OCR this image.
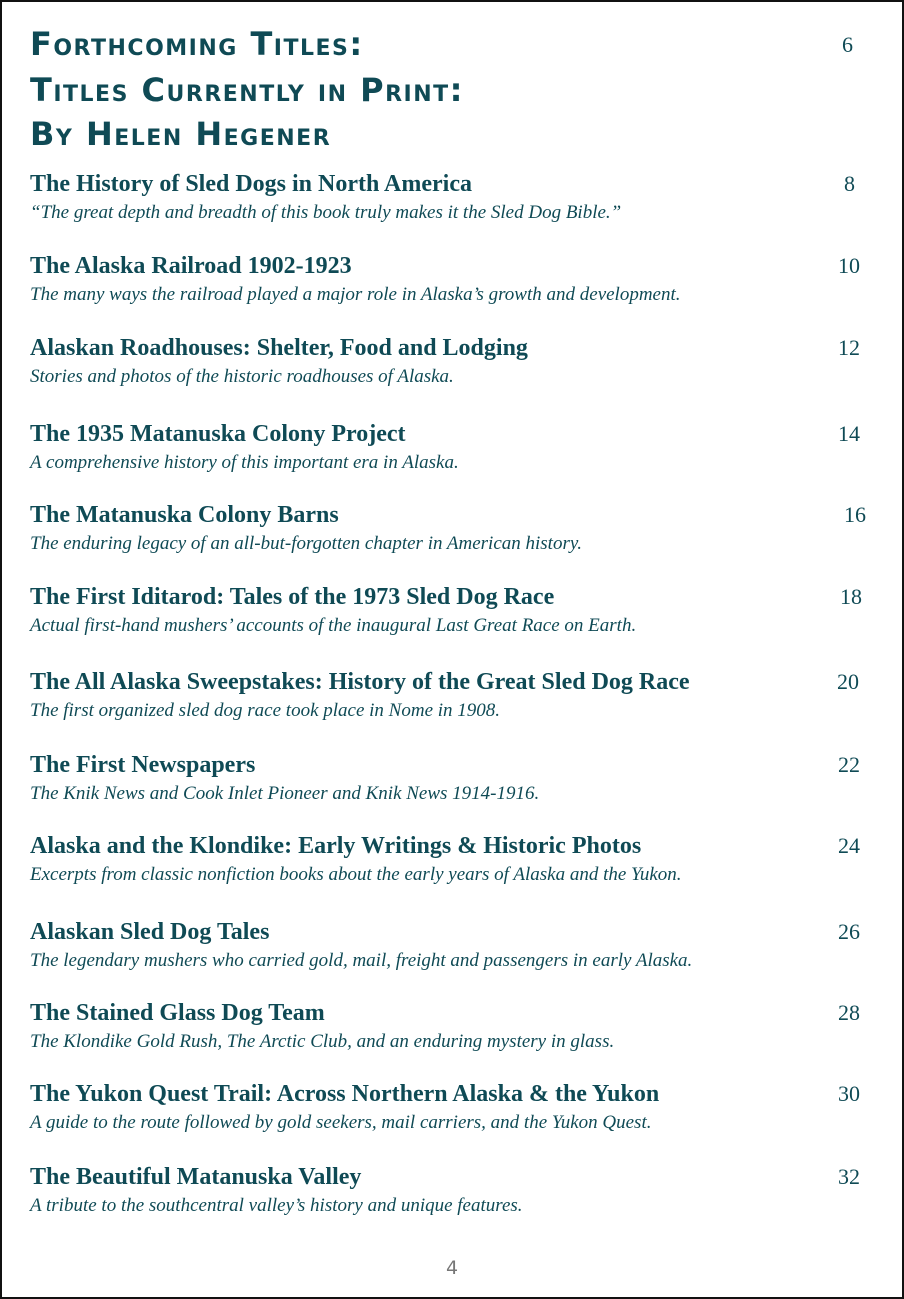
Forthcoming Titles:	6
Titles Currently in Print:
By Helen Hegener
The History of Sled Dogs in North America
“The great depth and breadth of this book truly makes it the Sled Dog Bible.”
8
The Alaska Railroad 1902-1923
The many ways the railroad played a major role in Alaska’s growth and development.
10
Alaskan Roadhouses: Shelter, Food and Lodging
Stories and photos of the historic roadhouses of Alaska.
12
The 1935 Matanuska Colony Project
A comprehensive history of this important era in Alaska.
14
The Matanuska Colony Barns
The enduring legacy of an all-but-forgotten chapter in American history.
16
The First Iditarod: Tales of the 1973 Sled Dog Race
Actual first-hand mushers’ accounts of the inaugural Last Great Race on Earth.
18
The All Alaska Sweepstakes: History of the Great Sled Dog Race
The first organized sled dog race took place in Nome in 1908.
20
The First Newspapers
The Knik News and Cook Inlet Pioneer and Knik News 1914-1916.
22
Alaska and the Klondike: Early Writings & Historic Photos
Excerpts from classic nonfiction books about the early years of Alaska and the Yukon.
24
Alaskan Sled Dog Tales
The legendary mushers who carried gold, mail, freight and passengers in early Alaska.
26
The Stained Glass Dog Team
The Klondike Gold Rush, The Arctic Club, and an enduring mystery in glass.
28
The Yukon Quest Trail: Across Northern Alaska & the Yukon
A guide to the route followed by gold seekers, mail carriers, and the Yukon Quest.
30
The Beautiful Matanuska Valley
A tribute to the southcentral valley’s history and unique features.
32
4
